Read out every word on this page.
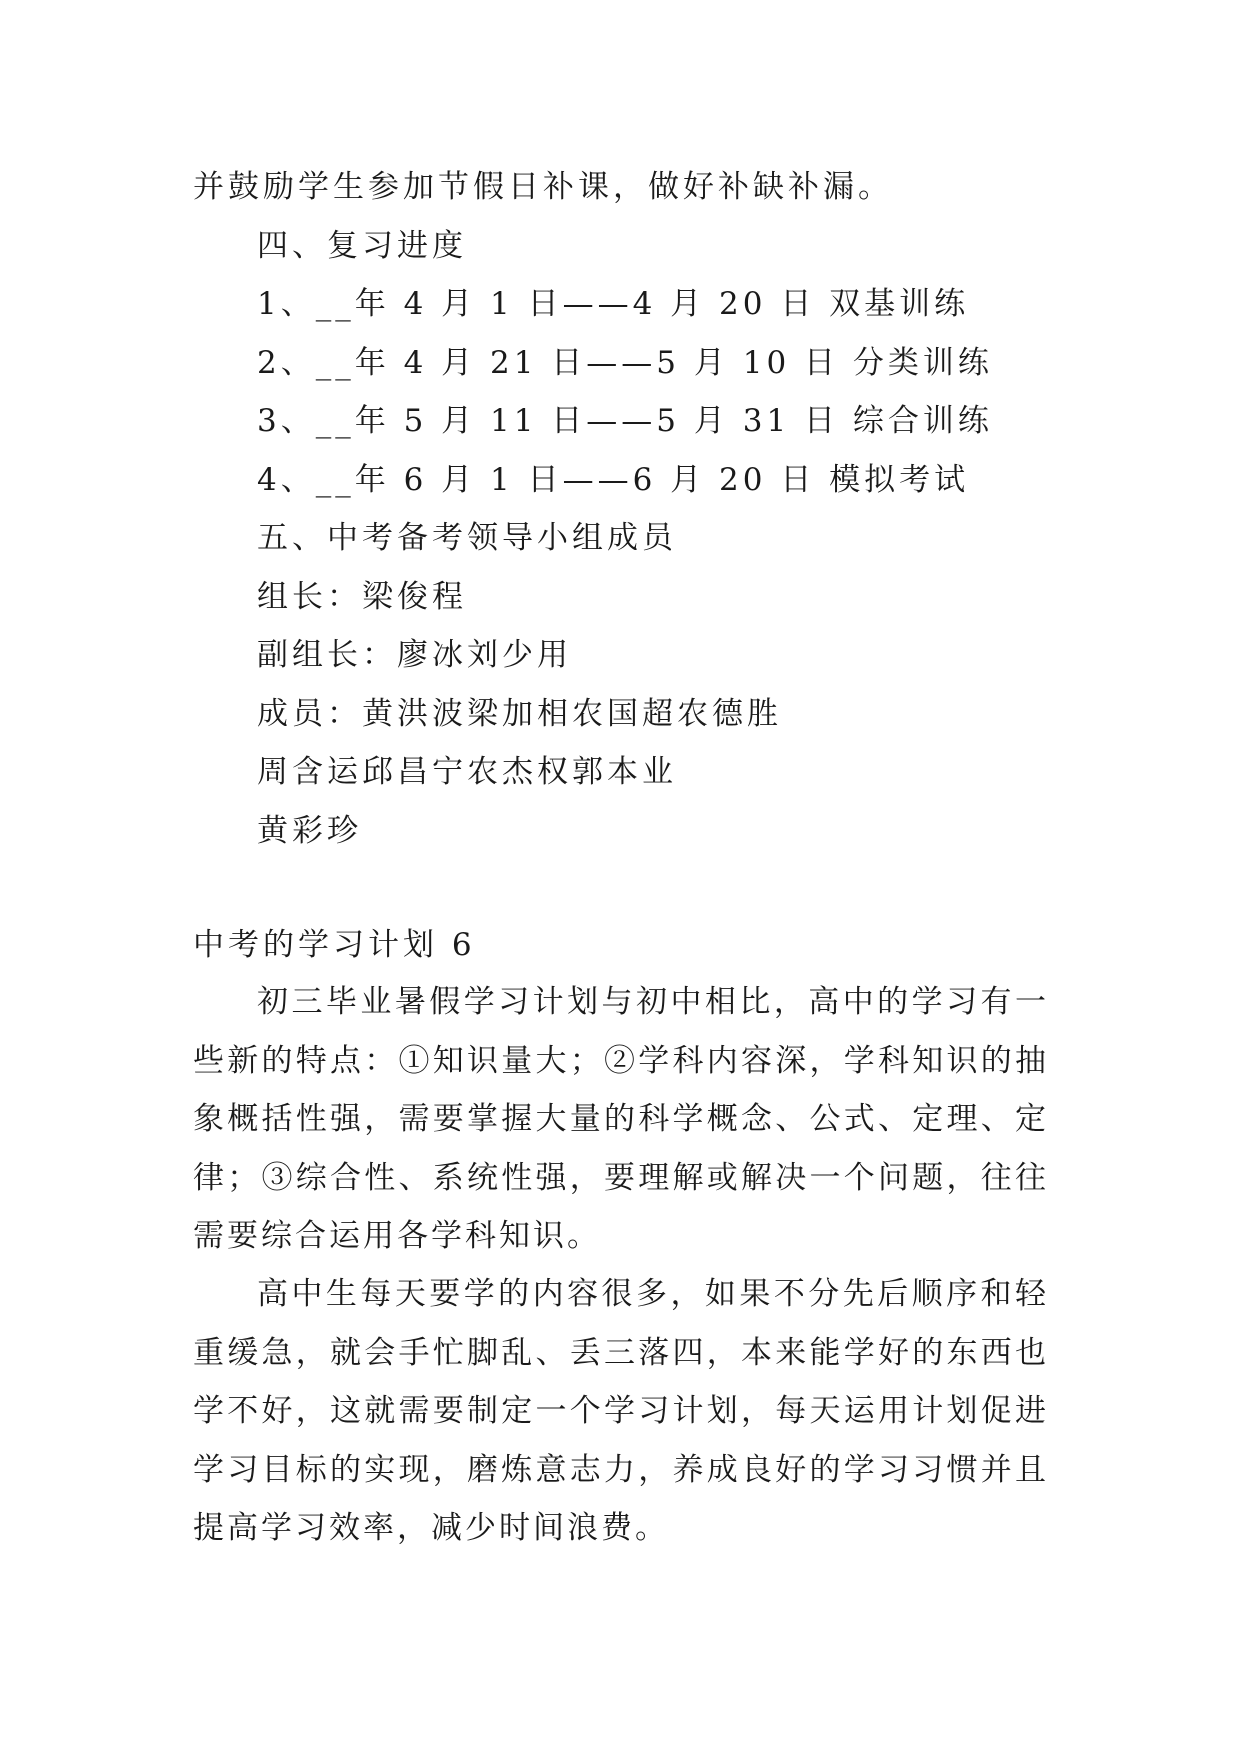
并鼓励学生参加节假日补课，做好补缺补漏。
四、复习进度
1、__年 4 月 1 日——4 月 20 日 双基训练
2、__年 4 月 21 日——5 月 10 日 分类训练
3、__年 5 月 11 日——5 月 31 日 综合训练
4、__年 6 月 1 日——6 月 20 日 模拟考试
五、中考备考领导小组成员
组长：梁俊程
副组长：廖冰刘少用
成员：黄洪波梁加相农国超农德胜
周含运邱昌宁农杰权郭本业
黄彩珍
中考的学习计划 6

初三毕业暑假学习计划与初中相比，高中的学习有一些新的特点：①知识量大；②学科内容深，学科知识的抽象概括性强，需要掌握大量的科学概念、公式、定理、定律；③综合性、系统性强，要理解或解决一个问题，往往需要综合运用各学科知识。

高中生每天要学的内容很多，如果不分先后顺序和轻重缓急，就会手忙脚乱、丢三落四，本来能学好的东西也学不好，这就需要制定一个学习计划，每天运用计划促进学习目标的实现，磨炼意志力，养成良好的学习习惯并且提高学习效率，减少时间浪费。
